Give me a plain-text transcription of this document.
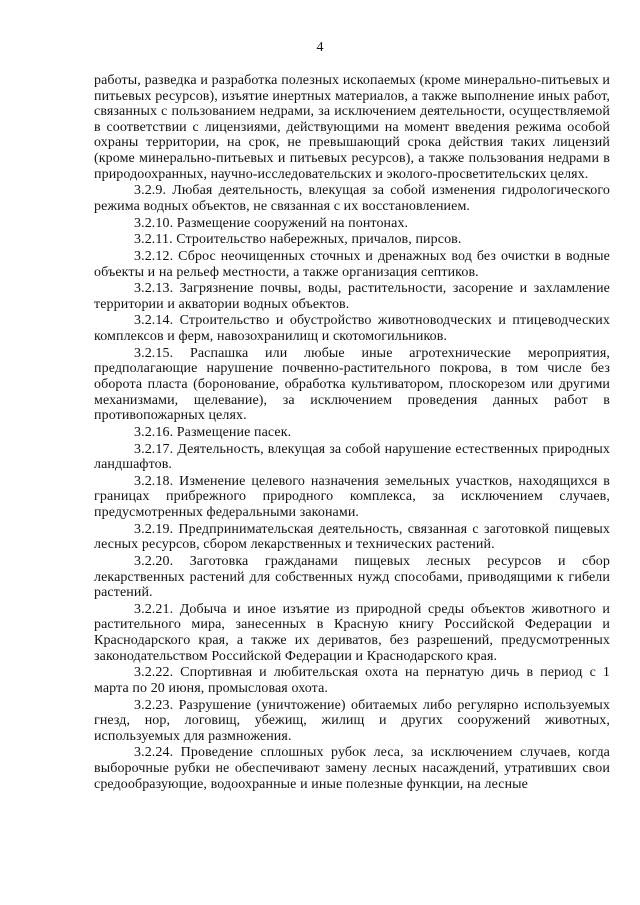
4

работы, разведка и разработка полезных ископаемых (кроме минерально-питьевых и питьевых ресурсов), изъятие инертных материалов, а также выполнение иных работ, связанных с пользованием недрами, за исключением деятельности, осуществляемой в соответствии с лицензиями, действующими на момент введения режима особой охраны территории, на срок, не превышающий срока действия таких лицензий (кроме минерально-питьевых и питьевых ресурсов), а также пользования недрами в природоохранных, научно-исследовательских и эколого-просветительских целях.

3.2.9. Любая деятельность, влекущая за собой изменения гидрологического режима водных объектов, не связанная с их восстановлением.

3.2.10. Размещение сооружений на понтонах.

3.2.11. Строительство набережных, причалов, пирсов.

3.2.12. Сброс неочищенных сточных и дренажных вод без очистки в водные объекты и на рельеф местности, а также организация септиков.

3.2.13. Загрязнение почвы, воды, растительности, засорение и захламление территории и акватории водных объектов.

3.2.14. Строительство и обустройство животноводческих и птицеводческих комплексов и ферм, навозохранилищ и скотомогильников.

3.2.15. Распашка или любые иные агротехнические мероприятия, предполагающие нарушение почвенно-растительного покрова, в том числе без оборота пласта (боронование, обработка культиватором, плоскорезом или другими механизмами, щелевание), за исключением проведения данных работ в противопожарных целях.

3.2.16. Размещение пасек.

3.2.17. Деятельность, влекущая за собой нарушение естественных природных ландшафтов.

3.2.18. Изменение целевого назначения земельных участков, находящихся в границах прибрежного природного комплекса, за исключением случаев, предусмотренных федеральными законами.

3.2.19. Предпринимательская деятельность, связанная с заготовкой пищевых лесных ресурсов, сбором лекарственных и технических растений.

3.2.20. Заготовка гражданами пищевых лесных ресурсов и сбор лекарственных растений для собственных нужд способами, приводящими к гибели растений.

3.2.21. Добыча и иное изъятие из природной среды объектов животного и растительного мира, занесенных в Красную книгу Российской Федерации и Краснодарского края, а также их дериватов, без разрешений, предусмотренных законодательством Российской Федерации и Краснодарского края.

3.2.22. Спортивная и любительская охота на пернатую дичь в период с 1 марта по 20 июня, промысловая охота.

3.2.23. Разрушение (уничтожение) обитаемых либо регулярно используемых гнезд, нор, логовищ, убежищ, жилищ и других сооружений животных, используемых для размножения.

3.2.24. Проведение сплошных рубок леса, за исключением случаев, когда выборочные рубки не обеспечивают замену лесных насаждений, утративших свои средообразующие, водоохранные и иные полезные функции, на лесные
